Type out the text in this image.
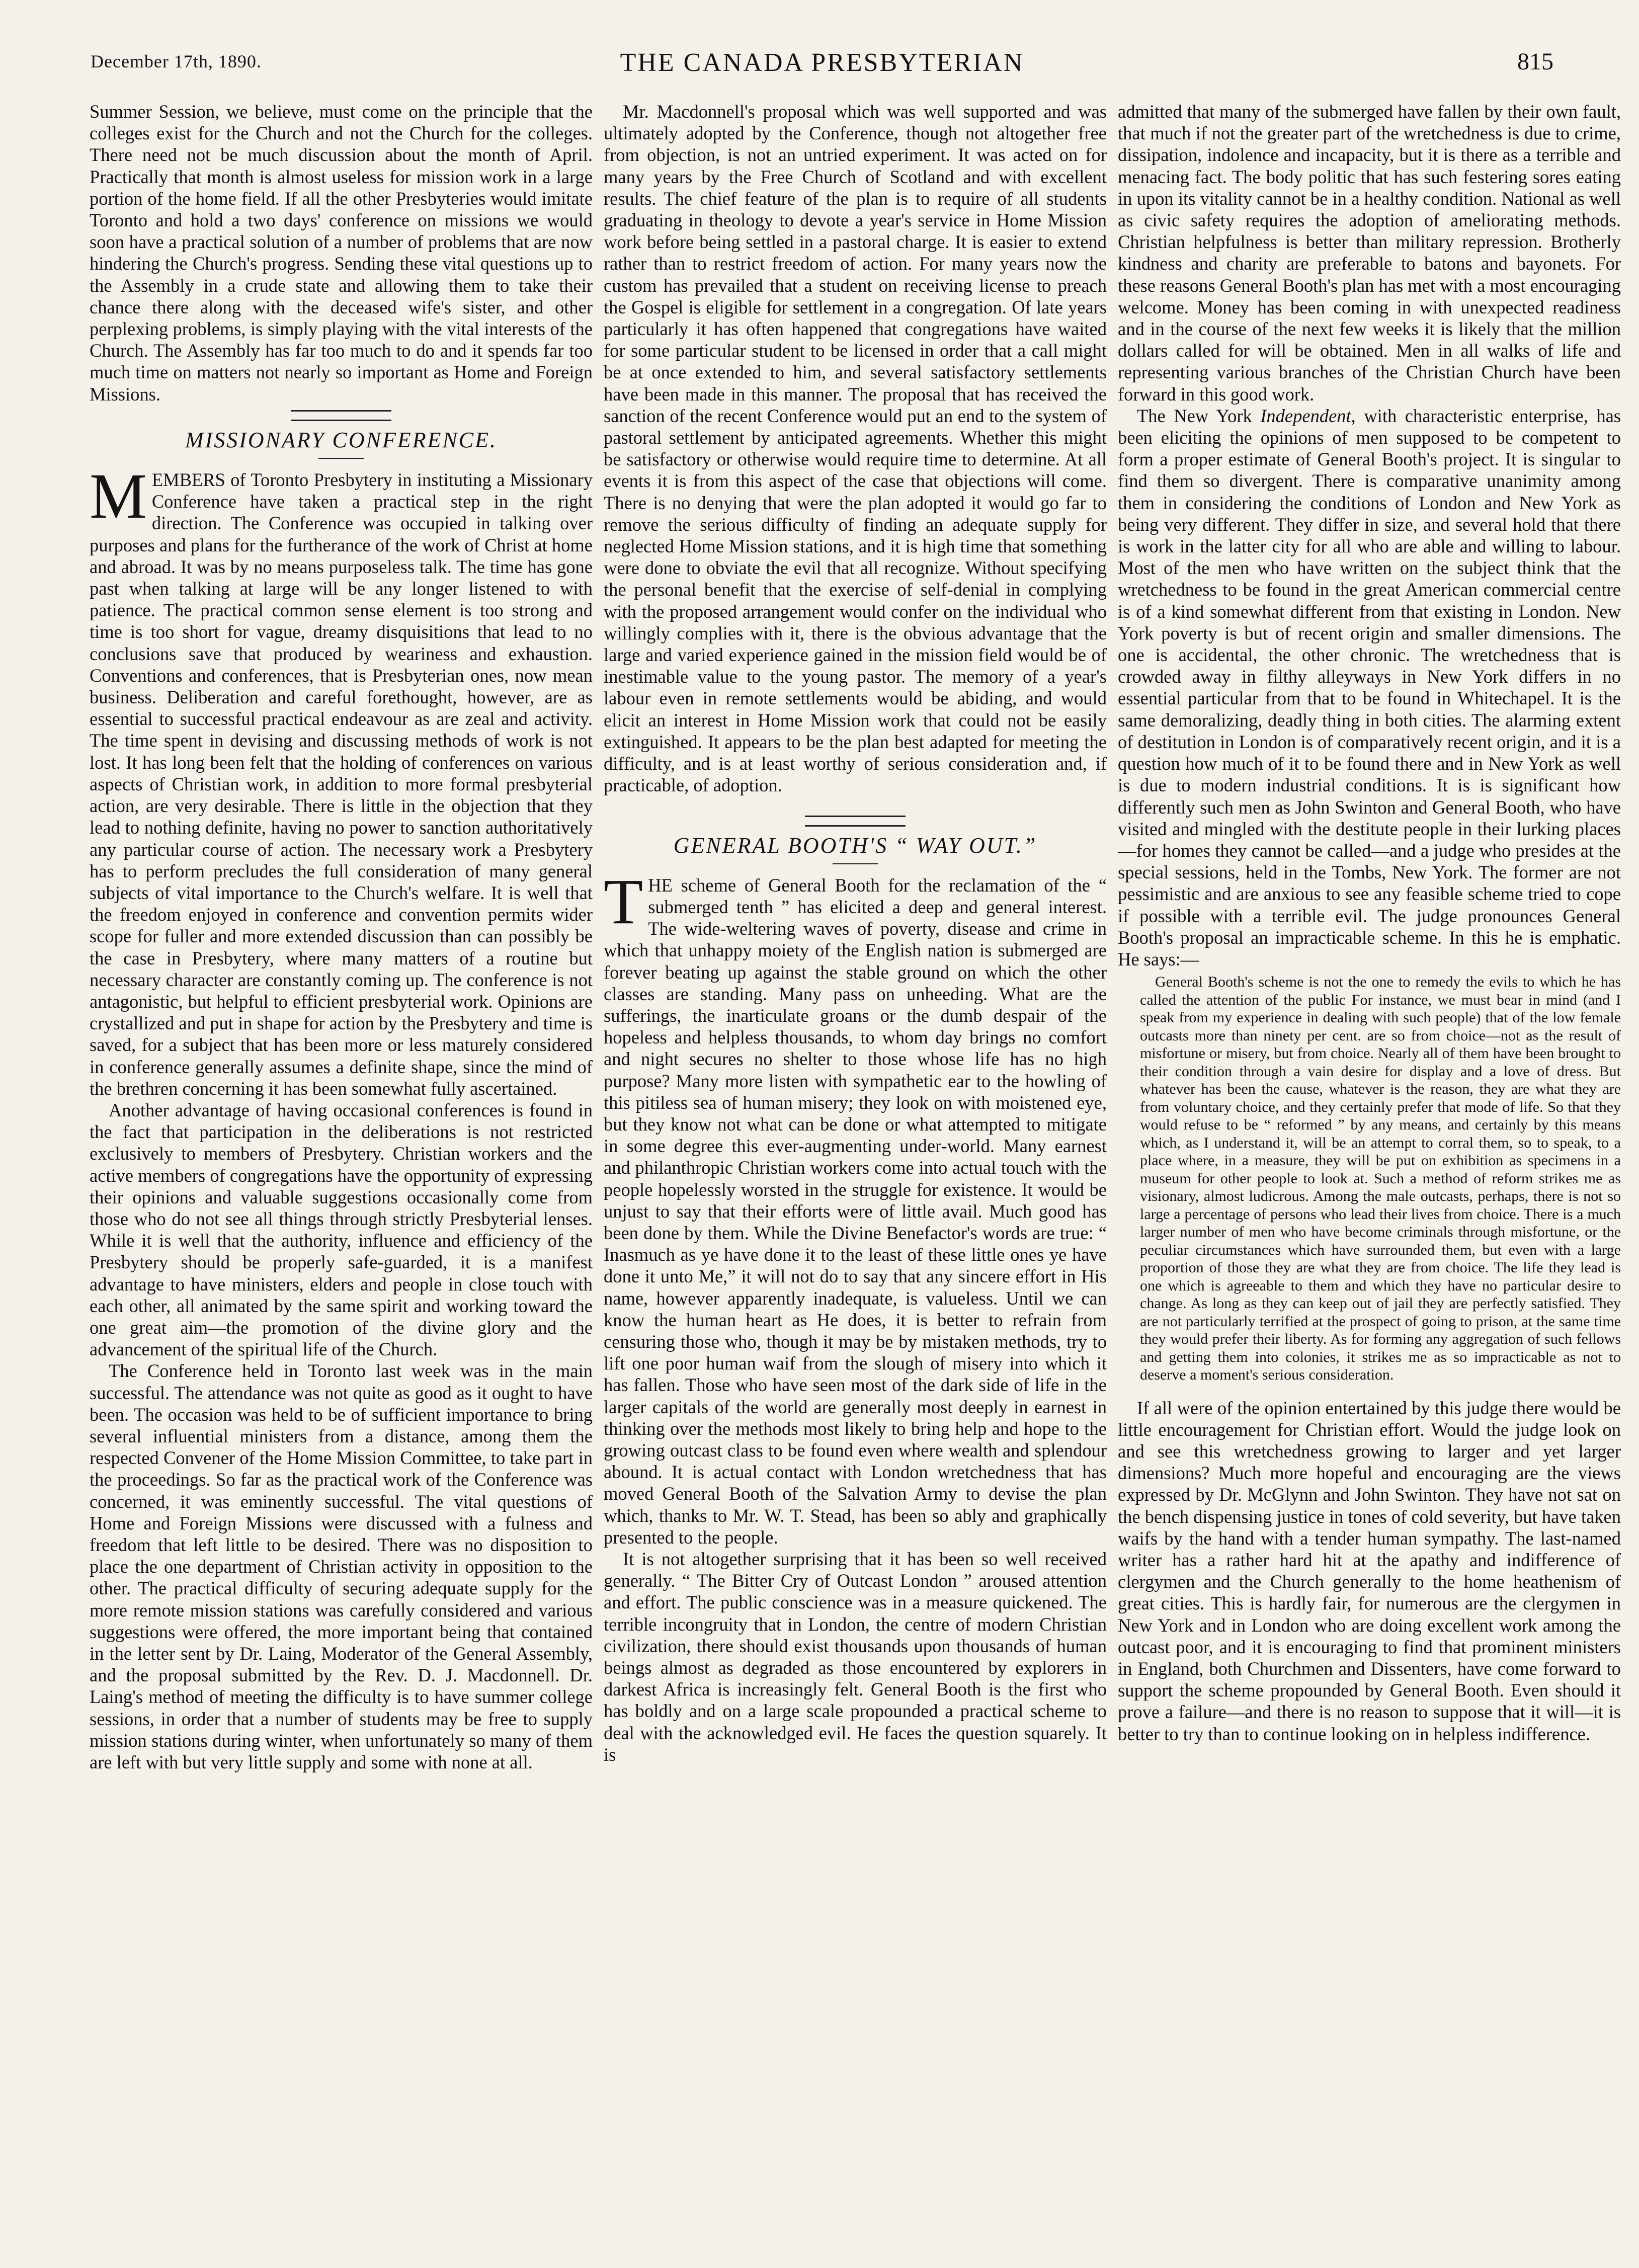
December 17th, 1890.	THE CANADA PRESBYTERIAN	815

Summer Session, we believe, must come on the principle that the colleges exist for the Church and not the Church for the colleges. There need not be much discussion about the month of April. Practically that month is almost useless for mission work in a large portion of the home field. If all the other Presbyteries would imitate Toronto and hold a two days' conference on missions we would soon have a practical solution of a number of problems that are now hindering the Church's progress. Sending these vital questions up to the Assembly in a crude state and allowing them to take their chance there along with the deceased wife's sister, and other perplexing problems, is simply playing with the vital interests of the Church. The Assembly has far too much to do and it spends far too much time on matters not nearly so important as Home and Foreign Missions.

MISSIONARY CONFERENCE.

MEMBERS of Toronto Presbytery in instituting a Missionary Conference have taken a practical step in the right direction. The Conference was occupied in talking over purposes and plans for the furtherance of the work of Christ at home and abroad. It was by no means purposeless talk. The time has gone past when talking at large will be any longer listened to with patience. The practical common sense element is too strong and time is too short for vague, dreamy disquisitions that lead to no conclusions save that produced by weariness and exhaustion. Conventions and conferences, that is Presbyterian ones, now mean business. Deliberation and careful forethought, however, are as essential to successful practical endeavour as are zeal and activity. The time spent in devising and discussing methods of work is not lost. It has long been felt that the holding of conferences on various aspects of Christian work, in addition to more formal presbyterial action, are very desirable. There is little in the objection that they lead to nothing definite, having no power to sanction authoritatively any particular course of action. The necessary work a Presbytery has to perform precludes the full consideration of many general subjects of vital importance to the Church's welfare. It is well that the freedom enjoyed in conference and convention permits wider scope for fuller and more extended discussion than can possibly be the case in Presbytery, where many matters of a routine but necessary character are constantly coming up. The conference is not antagonistic, but helpful to efficient presbyterial work. Opinions are crystallized and put in shape for action by the Presbytery and time is saved, for a subject that has been more or less maturely considered in conference generally assumes a definite shape, since the mind of the brethren concerning it has been somewhat fully ascertained.

Another advantage of having occasional conferences is found in the fact that participation in the deliberations is not restricted exclusively to members of Presbytery. Christian workers and the active members of congregations have the opportunity of expressing their opinions and valuable suggestions occasionally come from those who do not see all things through strictly Presbyterial lenses. While it is well that the authority, influence and efficiency of the Presbytery should be properly safe-guarded, it is a manifest advantage to have ministers, elders and people in close touch with each other, all animated by the same spirit and working toward the one great aim—the promotion of the divine glory and the advancement of the spiritual life of the Church.

The Conference held in Toronto last week was in the main successful. The attendance was not quite as good as it ought to have been. The occasion was held to be of sufficient importance to bring several influential ministers from a distance, among them the respected Convener of the Home Mission Committee, to take part in the proceedings. So far as the practical work of the Conference was concerned, it was eminently successful. The vital questions of Home and Foreign Missions were discussed with a fulness and freedom that left little to be desired. There was no disposition to place the one department of Christian activity in opposition to the other. The practical difficulty of securing adequate supply for the more remote mission stations was carefully considered and various suggestions were offered, the more important being that contained in the letter sent by Dr. Laing, Moderator of the General Assembly, and the proposal submitted by the Rev. D. J. Macdonnell. Dr. Laing's method of meeting the difficulty is to have summer college sessions, in order that a number of students may be free to supply mission stations during winter, when unfortunately so many of them are left with but very little supply and some with none at all.

Mr. Macdonnell's proposal which was well supported and was ultimately adopted by the Conference, though not altogether free from objection, is not an untried experiment. It was acted on for many years by the Free Church of Scotland and with excellent results. The chief feature of the plan is to require of all students graduating in theology to devote a year's service in Home Mission work before being settled in a pastoral charge. It is easier to extend rather than to restrict freedom of action. For many years now the custom has prevailed that a student on receiving license to preach the Gospel is eligible for settlement in a congregation. Of late years particularly it has often happened that congregations have waited for some particular student to be licensed in order that a call might be at once extended to him, and several satisfactory settlements have been made in this manner. The proposal that has received the sanction of the recent Conference would put an end to the system of pastoral settlement by anticipated agreements. Whether this might be satisfactory or otherwise would require time to determine. At all events it is from this aspect of the case that objections will come. There is no denying that were the plan adopted it would go far to remove the serious difficulty of finding an adequate supply for neglected Home Mission stations, and it is high time that something were done to obviate the evil that all recognize. Without specifying the personal benefit that the exercise of self-denial in complying with the proposed arrangement would confer on the individual who willingly complies with it, there is the obvious advantage that the large and varied experience gained in the mission field would be of inestimable value to the young pastor. The memory of a year's labour even in remote settlements would be abiding, and would elicit an interest in Home Mission work that could not be easily extinguished. It appears to be the plan best adapted for meeting the difficulty, and is at least worthy of serious consideration and, if practicable, of adoption.

GENERAL BOOTH'S “ WAY OUT.”

THE scheme of General Booth for the reclamation of the “ submerged tenth ” has elicited a deep and general interest. The wide-weltering waves of poverty, disease and crime in which that unhappy moiety of the English nation is submerged are forever beating up against the stable ground on which the other classes are standing. Many pass on unheeding. What are the sufferings, the inarticulate groans or the dumb despair of the hopeless and helpless thousands, to whom day brings no comfort and night secures no shelter to those whose life has no high purpose? Many more listen with sympathetic ear to the howling of this pitiless sea of human misery; they look on with moistened eye, but they know not what can be done or what attempted to mitigate in some degree this ever-augmenting under-world. Many earnest and philanthropic Christian workers come into actual touch with the people hopelessly worsted in the struggle for existence. It would be unjust to say that their efforts were of little avail. Much good has been done by them. While the Divine Benefactor's words are true: “ Inasmuch as ye have done it to the least of these little ones ye have done it unto Me,” it will not do to say that any sincere effort in His name, however apparently inadequate, is valueless. Until we can know the human heart as He does, it is better to refrain from censuring those who, though it may be by mistaken methods, try to lift one poor human waif from the slough of misery into which it has fallen. Those who have seen most of the dark side of life in the larger capitals of the world are generally most deeply in earnest in thinking over the methods most likely to bring help and hope to the growing outcast class to be found even where wealth and splendour abound. It is actual contact with London wretchedness that has moved General Booth of the Salvation Army to devise the plan which, thanks to Mr. W. T. Stead, has been so ably and graphically presented to the people.

It is not altogether surprising that it has been so well received generally. “ The Bitter Cry of Outcast London ” aroused attention and effort. The public conscience was in a measure quickened. The terrible incongruity that in London, the centre of modern Christian civilization, there should exist thousands upon thousands of human beings almost as degraded as those encountered by explorers in darkest Africa is increasingly felt. General Booth is the first who has boldly and on a large scale propounded a practical scheme to deal with the acknowledged evil. He faces the question squarely. It is

admitted that many of the submerged have fallen by their own fault, that much if not the greater part of the wretchedness is due to crime, dissipation, indolence and incapacity, but it is there as a terrible and menacing fact. The body politic that has such festering sores eating in upon its vitality cannot be in a healthy condition. National as well as civic safety requires the adoption of ameliorating methods. Christian helpfulness is better than military repression. Brotherly kindness and charity are preferable to batons and bayonets. For these reasons General Booth's plan has met with a most encouraging welcome. Money has been coming in with unexpected readiness and in the course of the next few weeks it is likely that the million dollars called for will be obtained. Men in all walks of life and representing various branches of the Christian Church have been forward in this good work.

The New York Independent, with characteristic enterprise, has been eliciting the opinions of men supposed to be competent to form a proper estimate of General Booth's project. It is singular to find them so divergent. There is comparative unanimity among them in considering the conditions of London and New York as being very different. They differ in size, and several hold that there is work in the latter city for all who are able and willing to labour. Most of the men who have written on the subject think that the wretchedness to be found in the great American commercial centre is of a kind somewhat different from that existing in London. New York poverty is but of recent origin and smaller dimensions. The one is accidental, the other chronic. The wretchedness that is crowded away in filthy alleyways in New York differs in no essential particular from that to be found in Whitechapel. It is the same demoralizing, deadly thing in both cities. The alarming extent of destitution in London is of comparatively recent origin, and it is a question how much of it to be found there and in New York as well is due to modern industrial conditions. It is is significant how differently such men as John Swinton and General Booth, who have visited and mingled with the destitute people in their lurking places—for homes they cannot be called—and a judge who presides at the special sessions, held in the Tombs, New York. The former are not pessimistic and are anxious to see any feasible scheme tried to cope if possible with a terrible evil. The judge pronounces General Booth's proposal an impracticable scheme. In this he is emphatic. He says:—

General Booth's scheme is not the one to remedy the evils to which he has called the attention of the public For instance, we must bear in mind (and I speak from my experience in dealing with such people) that of the low female outcasts more than ninety per cent. are so from choice—not as the result of misfortune or misery, but from choice. Nearly all of them have been brought to their condition through a vain desire for display and a love of dress. But whatever has been the cause, whatever is the reason, they are what they are from voluntary choice, and they certainly prefer that mode of life. So that they would refuse to be “ reformed ” by any means, and certainly by this means which, as I understand it, will be an attempt to corral them, so to speak, to a place where, in a measure, they will be put on exhibition as specimens in a museum for other people to look at. Such a method of reform strikes me as visionary, almost ludicrous. Among the male outcasts, perhaps, there is not so large a percentage of persons who lead their lives from choice. There is a much larger number of men who have become criminals through misfortune, or the peculiar circumstances which have surrounded them, but even with a large proportion of those they are what they are from choice. The life they lead is one which is agreeable to them and which they have no particular desire to change. As long as they can keep out of jail they are perfectly satisfied. They are not particularly terrified at the prospect of going to prison, at the same time they would prefer their liberty. As for forming any aggregation of such fellows and getting them into colonies, it strikes me as so impracticable as not to deserve a moment's serious consideration.

If all were of the opinion entertained by this judge there would be little encouragement for Christian effort. Would the judge look on and see this wretchedness growing to larger and yet larger dimensions? Much more hopeful and encouraging are the views expressed by Dr. McGlynn and John Swinton. They have not sat on the bench dispensing justice in tones of cold severity, but have taken waifs by the hand with a tender human sympathy. The last-named writer has a rather hard hit at the apathy and indifference of clergymen and the Church generally to the home heathenism of great cities. This is hardly fair, for numerous are the clergymen in New York and in London who are doing excellent work among the outcast poor, and it is encouraging to find that prominent ministers in England, both Churchmen and Dissenters, have come forward to support the scheme propounded by General Booth. Even should it prove a failure—and there is no reason to suppose that it will—it is better to try than to continue looking on in helpless indifference.
